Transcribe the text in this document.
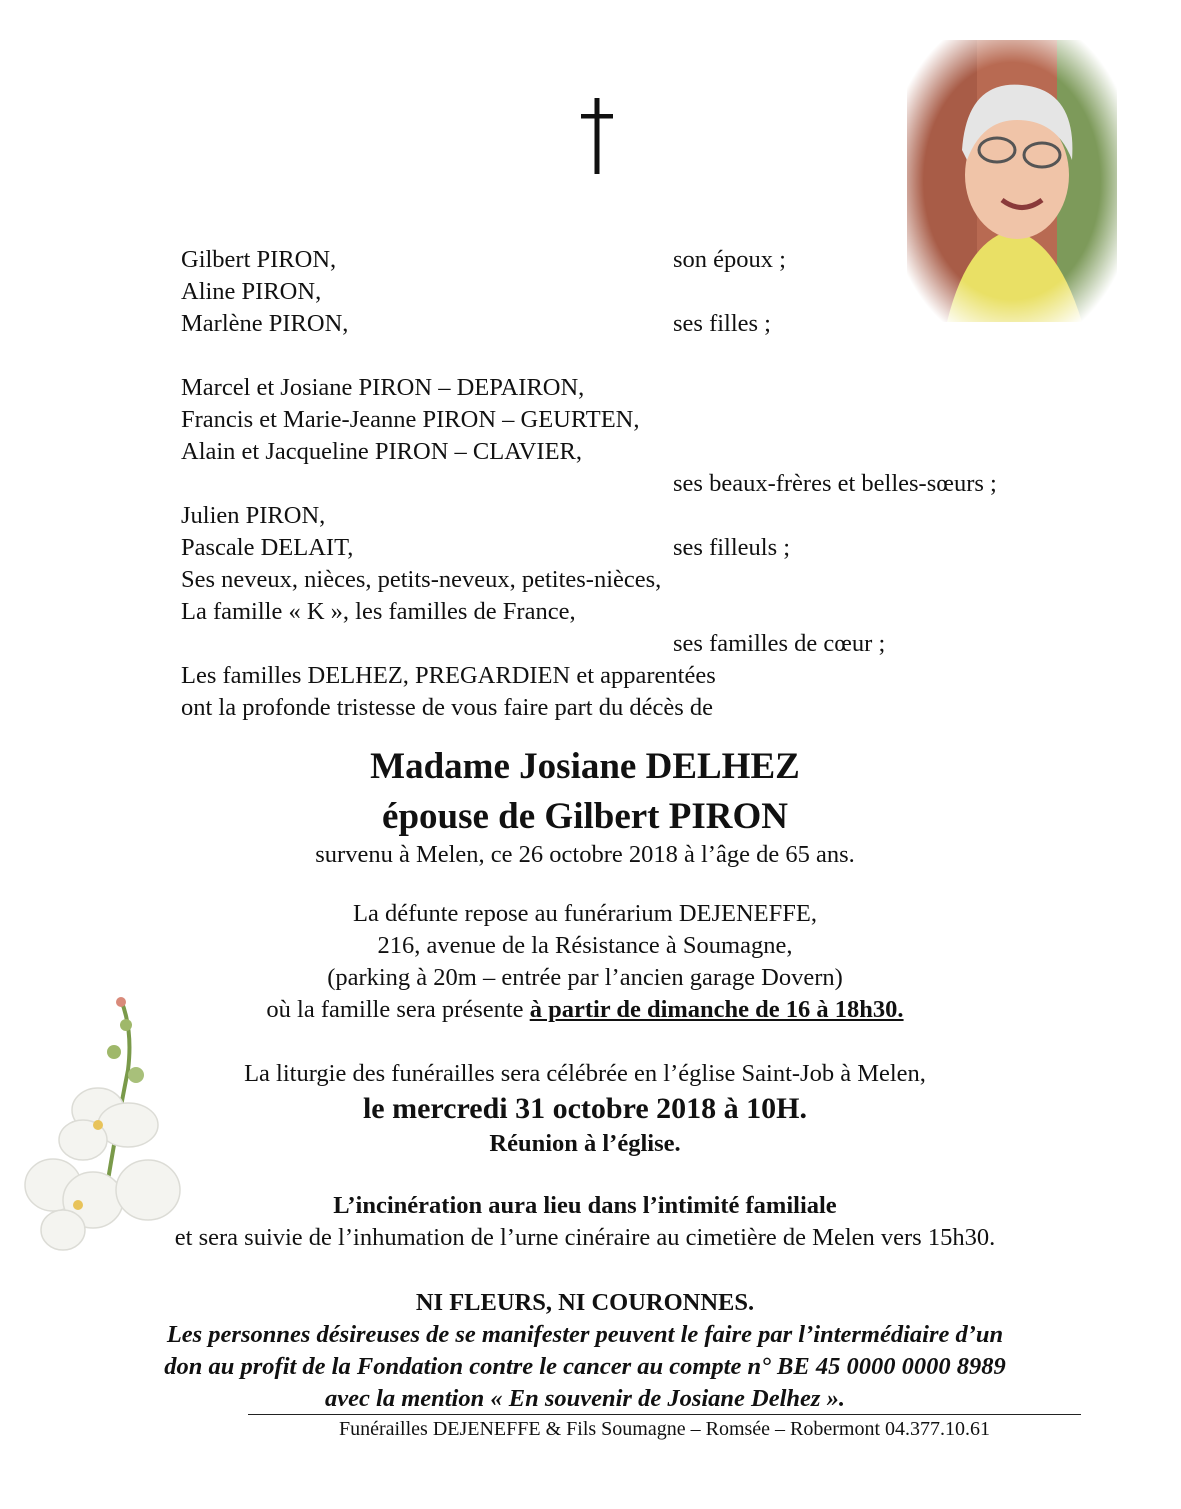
Gilbert PIRON,	son époux ;
Aline PIRON,
Marlène PIRON,	ses filles ;
Marcel et Josiane PIRON – DEPAIRON,
Francis et Marie-Jeanne PIRON – GEURTEN,
Alain et Jacqueline PIRON – CLAVIER,
ses beaux-frères et belles-sœurs ;
Julien PIRON,
Pascale DELAIT,	ses filleuls ;
Ses neveux, nièces, petits-neveux, petites-nièces,
La famille « K », les familles de France,
ses familles de cœur ;
Les familles DELHEZ, PREGARDIEN et apparentées
ont la profonde tristesse de vous faire part du décès de
Madame Josiane DELHEZ
épouse de Gilbert PIRON
survenu à Melen, ce 26 octobre 2018 à l’âge de 65 ans.
La défunte repose au funérarium DEJENEFFE,
216, avenue de la Résistance à Soumagne,
(parking à 20m – entrée par l’ancien garage Dovern)
où la famille sera présente à partir de dimanche de 16 à 18h30.
La liturgie des funérailles sera célébrée en l’église Saint-Job à Melen,
le mercredi 31 octobre 2018 à 10H.
Réunion à l’église.
L’incinération aura lieu dans l’intimité familiale
et sera suivie de l’inhumation de l’urne cinéraire au cimetière de Melen vers 15h30.
NI FLEURS, NI COURONNES.
Les personnes désireuses de se manifester peuvent le faire par l’intermédiaire d’un
don au profit de la Fondation contre le cancer au compte n° BE 45 0000 0000 8989
avec la mention « En souvenir de Josiane Delhez ».
Funérailles DEJENEFFE & Fils Soumagne – Romsée – Robermont 04.377.10.61
